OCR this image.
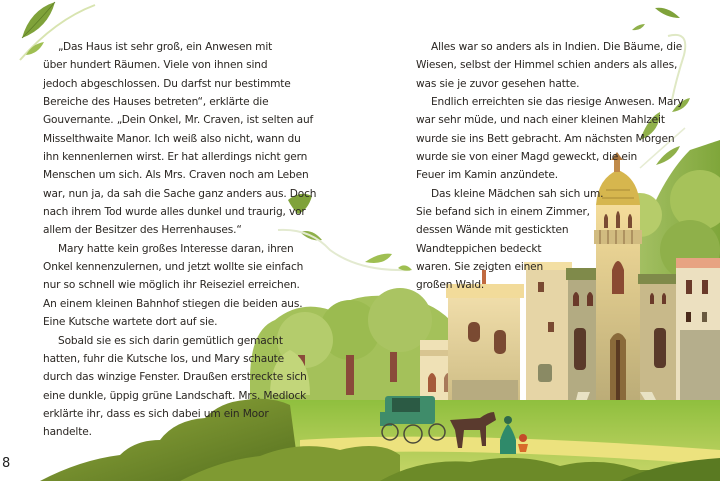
„Das Haus ist sehr groß, ein Anwesen mit
über hundert Räumen. Viele von ihnen sind
jedoch abgeschlossen. Du darfst nur bestimmte
Bereiche des Hauses betreten“, erklärte die
Gouvernante. „Dein Onkel, Mr. Craven, ist selten auf
Misselthwaite Manor. Ich weiß also nicht, wann du
ihn kennenlernen wirst. Er hat allerdings nicht gern
Menschen um sich. Als Mrs. Craven noch am Leben
war, nun ja, da sah die Sache ganz anders aus. Doch
nach ihrem Tod wurde alles dunkel und traurig, vor
allem der Besitzer des Herrenhauses.“
Mary hatte kein großes Interesse daran, ihren
Onkel kennenzulernen, und jetzt wollte sie einfach
nur so schnell wie möglich ihr Reiseziel erreichen.
An einem kleinen Bahnhof stiegen die beiden aus.
Eine Kutsche wartete dort auf sie.
Sobald sie es sich darin gemütlich gemacht
hatten, fuhr die Kutsche los, und Mary schaute
durch das winzige Fenster. Draußen erstreckte sich
eine dunkle, üppig grüne Landschaft. Mrs. Medlock
erklärte ihr, dass es sich dabei um ein Moor
handelte.
Alles war so anders als in Indien. Die Bäume, die
Wiesen, selbst der Himmel schien anders als alles,
was sie je zuvor gesehen hatte.
Endlich erreichten sie das riesige Anwesen. Mary
war sehr müde, und nach einer kleinen Mahlzeit
wurde sie ins Bett gebracht. Am nächsten Morgen
wurde sie von einer Magd geweckt, die ein
Feuer im Kamin anzündete.
Das kleine Mädchen sah sich um.
Sie befand sich in einem Zimmer,
dessen Wände mit gestickten
Wandteppichen bedeckt
waren. Sie zeigten einen
großen Wald.
8
